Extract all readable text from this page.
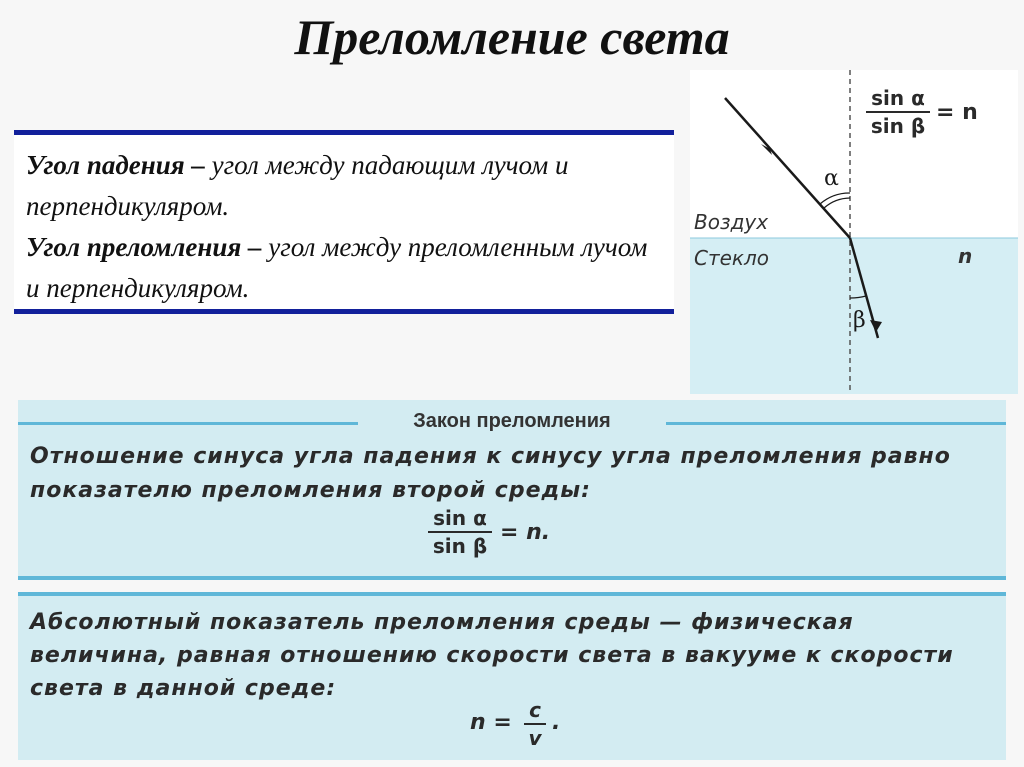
Преломление света
Угол падения – угол между падающим лучом и перпендикуляром.
Угол преломления – угол между преломленным лучом и перпендикуляром.
sin α
sin β
= n
α
β
Воздух
Стекло	n
Закон преломления
Отношение синуса угла падения к синусу угла преломления равно показателю преломления второй среды:
sin α
sin β
= n.
Абсолютный показатель преломления среды — физическая величина, равная отношению скорости света в вакууме к скорости света в данной среде:
n = c
v
.
